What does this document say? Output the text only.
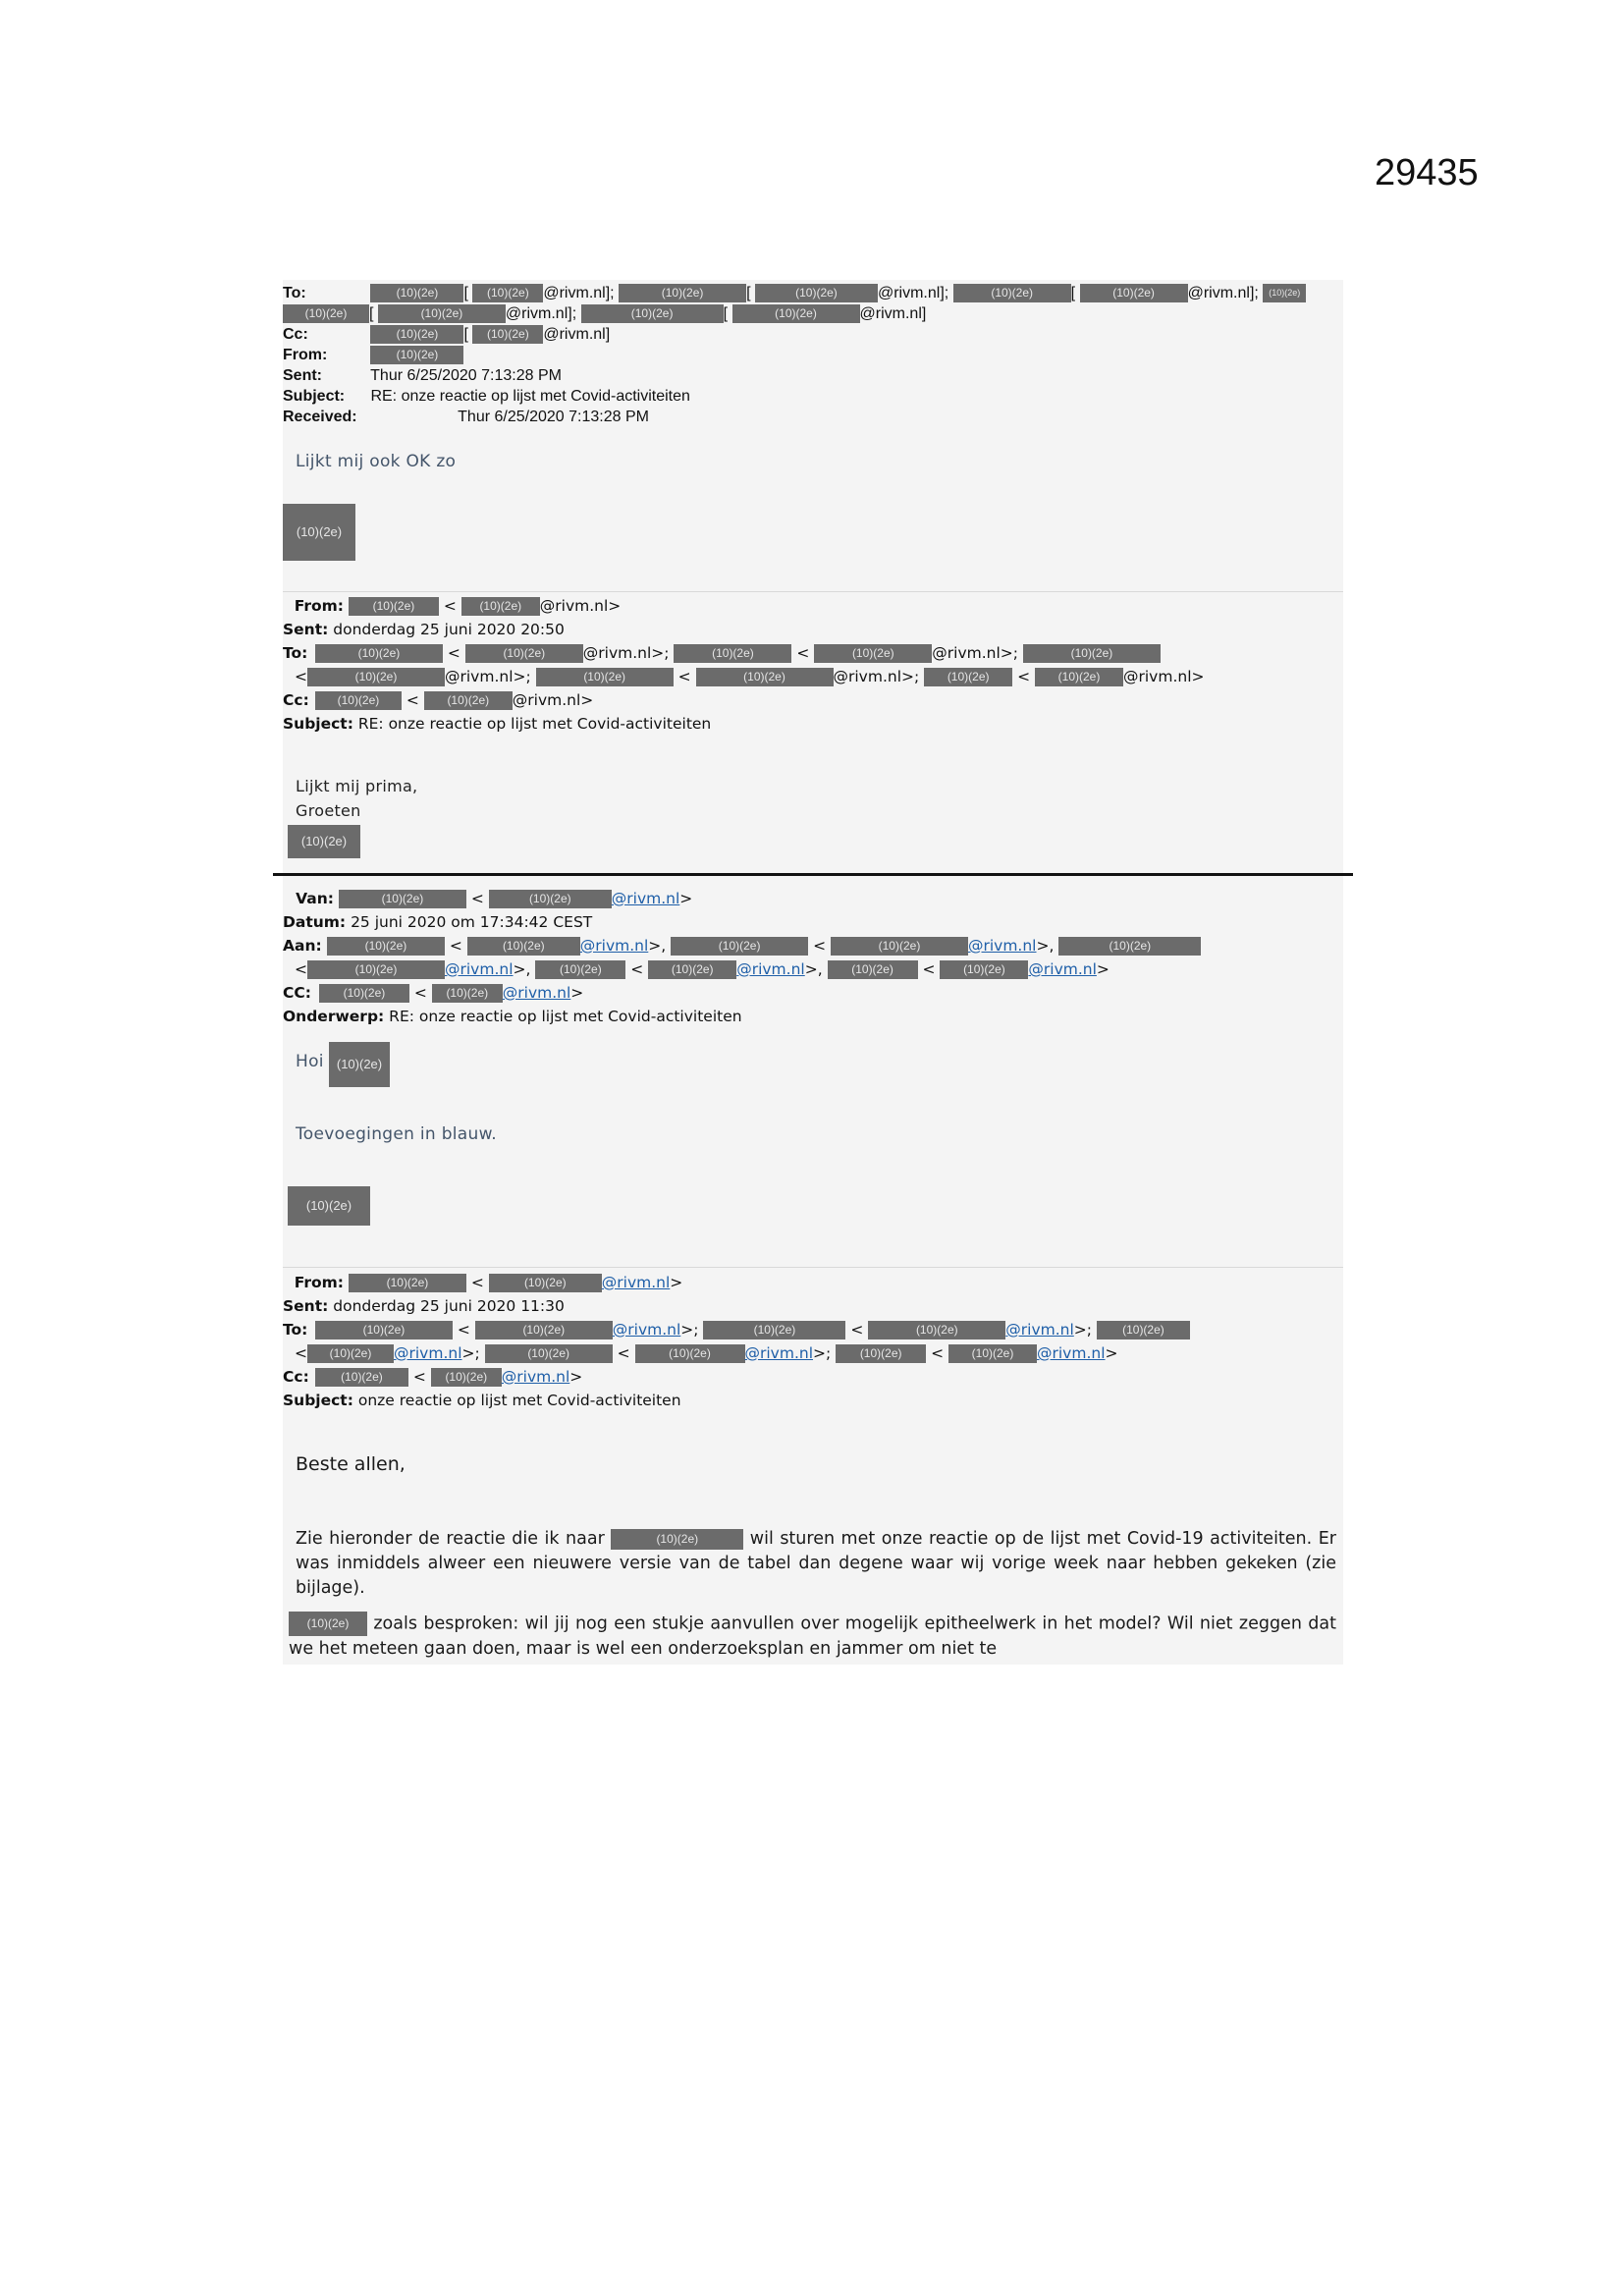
29435
To:	(10)(2e) [ (10)(2e) @rivm.nl];	(10)(2e)	[	(10)(2e)	@rivm.nl];	(10)(2e) [	(10)(2e) @rivm.nl]; (10)(2e)
(10)(2e) [	(10)(2e)	@rivm.nl];	(10)(2e)	[	(10)(2e)	@rivm.nl]
Cc:	(10)(2e) [ (10)(2e) @rivm.nl]
From:	(10)(2e)
Sent:	Thur 6/25/2020 7:13:28 PM
Subject: RE: onze reactie op lijst met Covid-activiteiten
Received:	Thur 6/25/2020 7:13:28 PM
Lijkt mij ook OK zo
(10)(2e)
From: (10)(2e) < (10)(2e) @rivm.nl>
Sent: donderdag 25 juni 2020 20:50
To:	(10)(2e)	<	(10)(2e) @rivm.nl>;	(10)(2e) <	(10)(2e) @rivm.nl>;	(10)(2e)
<	(10)(2e)	@rivm.nl>;	(10)(2e)	<	(10)(2e)	@rivm.nl>; (10)(2e) < (10)(2e) @rivm.nl>
Cc: (10)(2e) < (10)(2e) @rivm.nl>
Subject: RE: onze reactie op lijst met Covid-activiteiten
Lijkt mij prima,
Groeten
(10)(2e)
Van:	(10)(2e)	<	(10)(2e)	@rivm.nl>
Datum: 25 juni 2020 om 17:34:42 CEST
Aan:	(10)(2e) <	(10)(2e) @rivm.nl>,	(10)(2e)	<	(10)(2e)	@rivm.nl>,	(10)(2e)
<	(10)(2e)	@rivm.nl>, (10)(2e) < (10)(2e) @rivm.nl>, (10)(2e) < (10)(2e) @rivm.nl>
CC:	(10)(2e) < (10)(2e) @rivm.nl>
Onderwerp: RE: onze reactie op lijst met Covid-activiteiten
Hoi	(10)(2e)
Toevoegingen in blauw.
(10)(2e)
From:	(10)(2e) <	(10)(2e) @rivm.nl>
Sent: donderdag 25 juni 2020 11:30
To:	(10)(2e)	<	(10)(2e)	@rivm.nl>;	(10)(2e)	<	(10)(2e)	@rivm.nl>; (10)(2e)
< (10)(2e) @rivm.nl>;	(10)(2e)	<	(10)(2e) @rivm.nl>; (10)(2e) < (10)(2e) @rivm.nl>
Cc:	(10)(2e) < (10)(2e) @rivm.nl>
Subject: onze reactie op lijst met Covid-activiteiten
Beste allen,
Zie hieronder de reactie die ik naar	(10)(2e)	wil sturen met onze reactie op de lijst met Covid-19 activiteiten. Er was inmiddels alweer een nieuwere versie van de tabel dan degene waar wij vorige week naar hebben gekeken (zie bijlage).
(10)(2e) zoals besproken: wil jij nog een stukje aanvullen over mogelijk epitheelwerk in het model? Wil niet zeggen dat we het meteen gaan doen, maar is wel een onderzoeksplan en jammer om niet te
